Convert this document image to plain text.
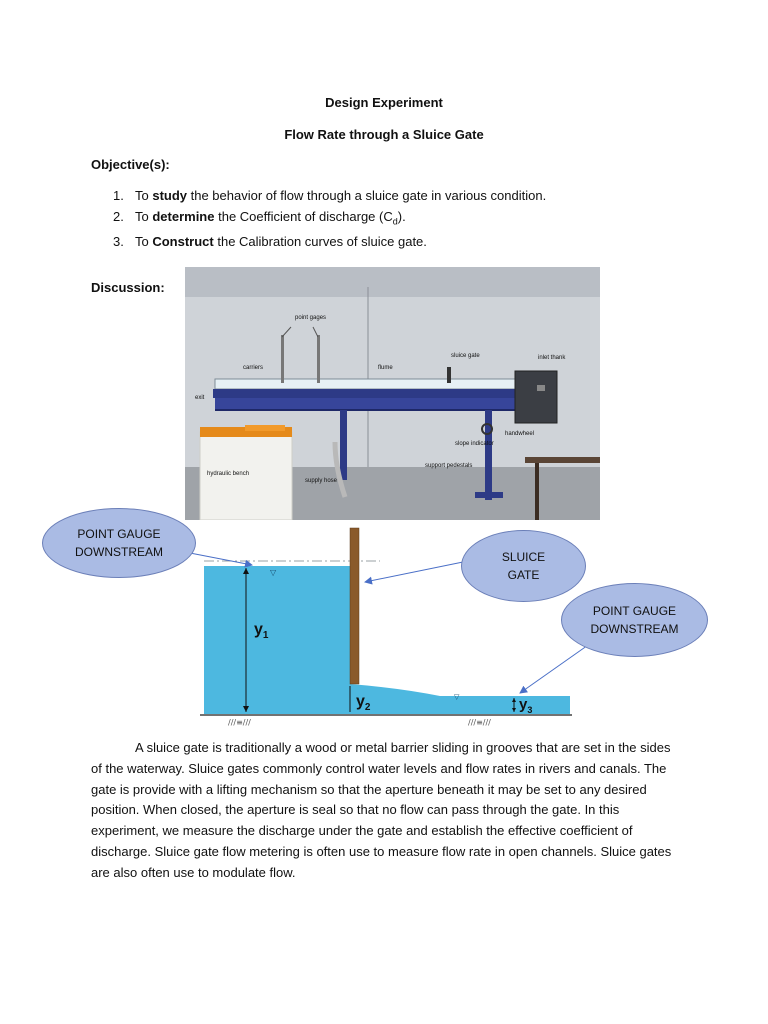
Design Experiment
Flow Rate through a Sluice Gate
Objective(s):
1. To study the behavior of flow through a sluice gate in various condition.
2. To determine the Coefficient of discharge $(C_d)$.
3. To Construct the Calibration curves of sluice gate.
Discussion:
point gages
carriers	flume
sluice gate	inlet thank
exit
handwheel
slope indicator
support pedestals
hydraulic bench
supply hose
▽
▽
$y_1$
$y_2$	$y_3$
///≡///	///≡///
POINT GAUGE DOWNSTREAM	SLUICE GATE
POINT GAUGE DOWNSTREAM

A sluice gate is traditionally a wood or metal barrier sliding in grooves that are set in the sides of the waterway. Sluice gates commonly control water levels and flow rates in rivers and canals. The gate is provide with a lifting mechanism so that the aperture beneath it may be set to any desired position. When closed, the aperture is seal so that no flow can pass through the gate. In this experiment, we measure the discharge under the gate and establish the effective coefficient of discharge. Sluice gate flow metering is often use to measure flow rate in open channels. Sluice gates are also often use to modulate flow.
